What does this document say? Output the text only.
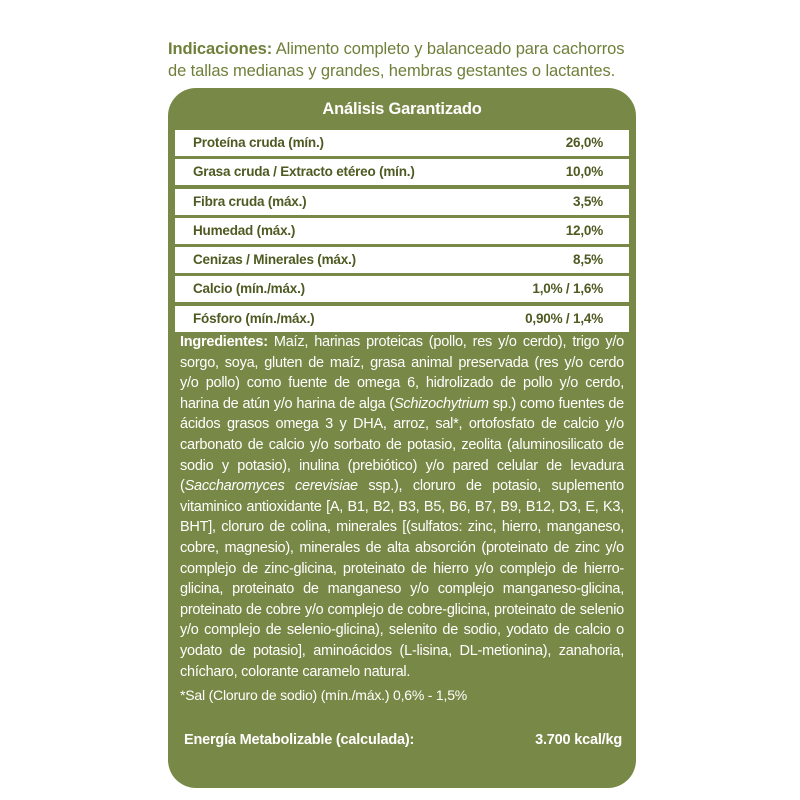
Indicaciones: Alimento completo y balanceado para cachorros de tallas medianas y grandes, hembras gestantes o lactantes.
Análisis Garantizado
Proteína cruda (mín.)	26,0%
Grasa cruda / Extracto etéreo (mín.)	10,0%
Fibra cruda (máx.)	3,5%
Humedad (máx.)	12,0%
Cenizas / Minerales (máx.)	8,5%
Calcio (mín./máx.)	1,0% / 1,6%
Fósforo (mín./máx.)	0,90% / 1,4%
Ingredientes: Maíz, harinas proteicas (pollo, res y/o cerdo), trigo y/o sorgo, soya, gluten de maíz, grasa animal preservada (res y/o cerdo y/o pollo) como fuente de omega 6, hidrolizado de pollo y/o cerdo, harina de atún y/o harina de alga (Schizochytrium sp.) como fuentes de ácidos grasos omega 3 y DHA, arroz, sal*, ortofosfato de calcio y/o carbonato de calcio y/o sorbato de potasio, zeolita (aluminosilicato de sodio y potasio), inulina (prebiótico) y/o pared celular de levadura (Saccharomyces cerevisiae ssp.), cloruro de potasio, suplemento vitaminico antioxidante [A, B1, B2, B3, B5, B6, B7, B9, B12, D3, E, K3, BHT], cloruro de colina, minerales [(sulfatos: zinc, hierro, manganeso, cobre, magnesio), minerales de alta absorción (proteinato de zinc y/o complejo de zinc-glicina, proteinato de hierro y/o complejo de hierro-glicina, proteinato de manganeso y/o complejo manganeso-glicina, proteinato de cobre y/o complejo de cobre-glicina, proteinato de selenio y/o complejo de selenio-glicina), selenito de sodio, yodato de calcio o yodato de potasio], aminoácidos (L-lisina, DL-metionina), zanahoria, chícharo, colorante caramelo natural.
*Sal (Cloruro de sodio) (mín./máx.) 0,6% - 1,5%
Energía Metabolizable (calculada):	3.700 kcal/kg
